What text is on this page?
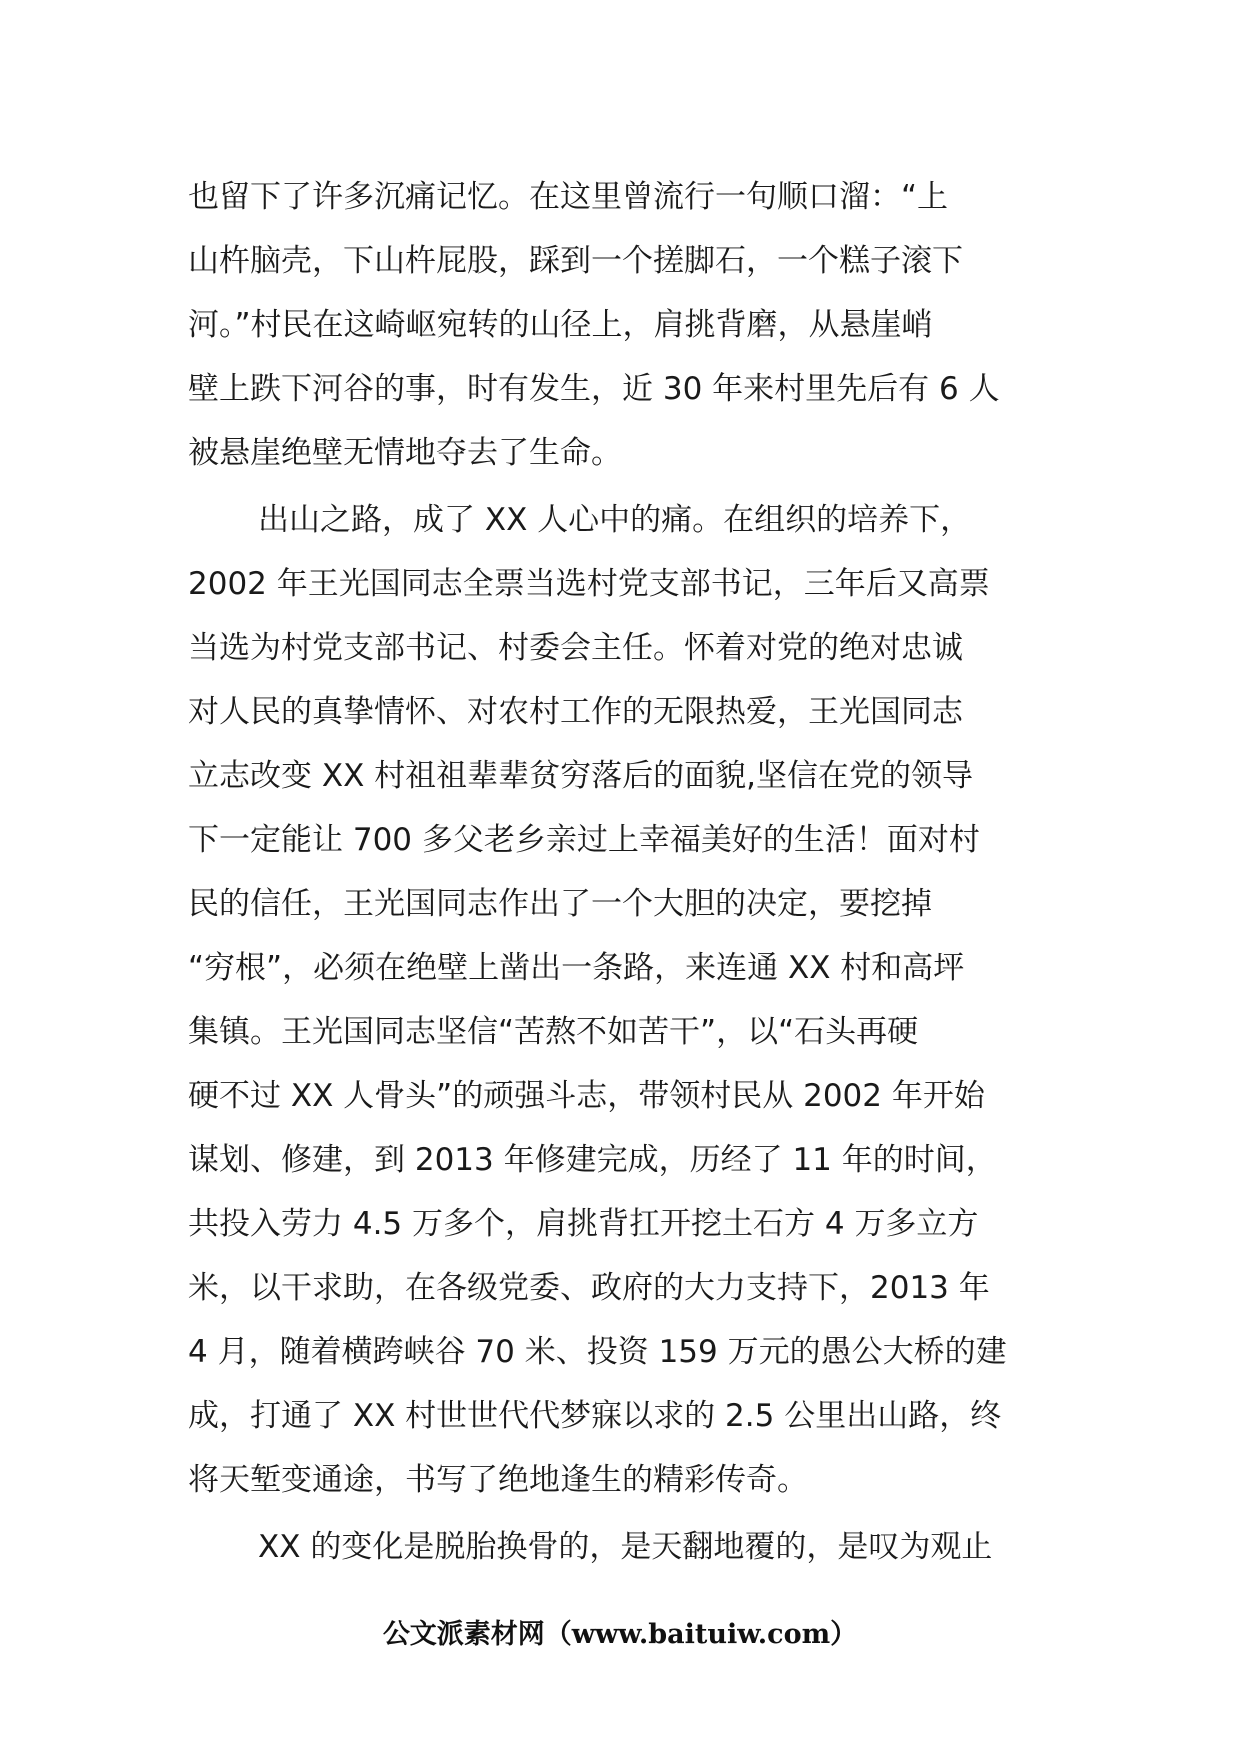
也留下了许多沉痛记忆。在这里曾流行一句顺口溜：“上
山杵脑壳，下山杵屁股，踩到一个搓脚石，一个糕子滚下
河。”村民在这崎岖宛转的山径上，肩挑背磨，从悬崖峭
壁上跌下河谷的事，时有发生，近 30 年来村里先后有 6 人
被悬崖绝壁无情地夺去了生命。
出山之路，成了 XX 人心中的痛。在组织的培养下，
2002 年王光国同志全票当选村党支部书记，三年后又高票
当选为村党支部书记、村委会主任。怀着对党的绝对忠诚
对人民的真挚情怀、对农村工作的无限热爱，王光国同志
立志改变 XX 村祖祖辈辈贫穷落后的面貌,坚信在党的领导
下一定能让 700 多父老乡亲过上幸福美好的生活！面对村
民的信任，王光国同志作出了一个大胆的决定，要挖掉
“穷根”，必须在绝壁上凿出一条路，来连通 XX 村和高坪
集镇。王光国同志坚信“苦熬不如苦干”，以“石头再硬
硬不过 XX 人骨头”的顽强斗志，带领村民从 2002 年开始
谋划、修建，到 2013 年修建完成，历经了 11 年的时间，
共投入劳力 4.5 万多个，肩挑背扛开挖土石方 4 万多立方
米，以干求助，在各级党委、政府的大力支持下，2013 年
4 月，随着横跨峡谷 70 米、投资 159 万元的愚公大桥的建
成，打通了 XX 村世世代代梦寐以求的 2.5 公里出山路，终
将天堑变通途，书写了绝地逢生的精彩传奇。
XX 的变化是脱胎换骨的，是天翻地覆的，是叹为观止
公文派素材网（www.baituiw.com）
